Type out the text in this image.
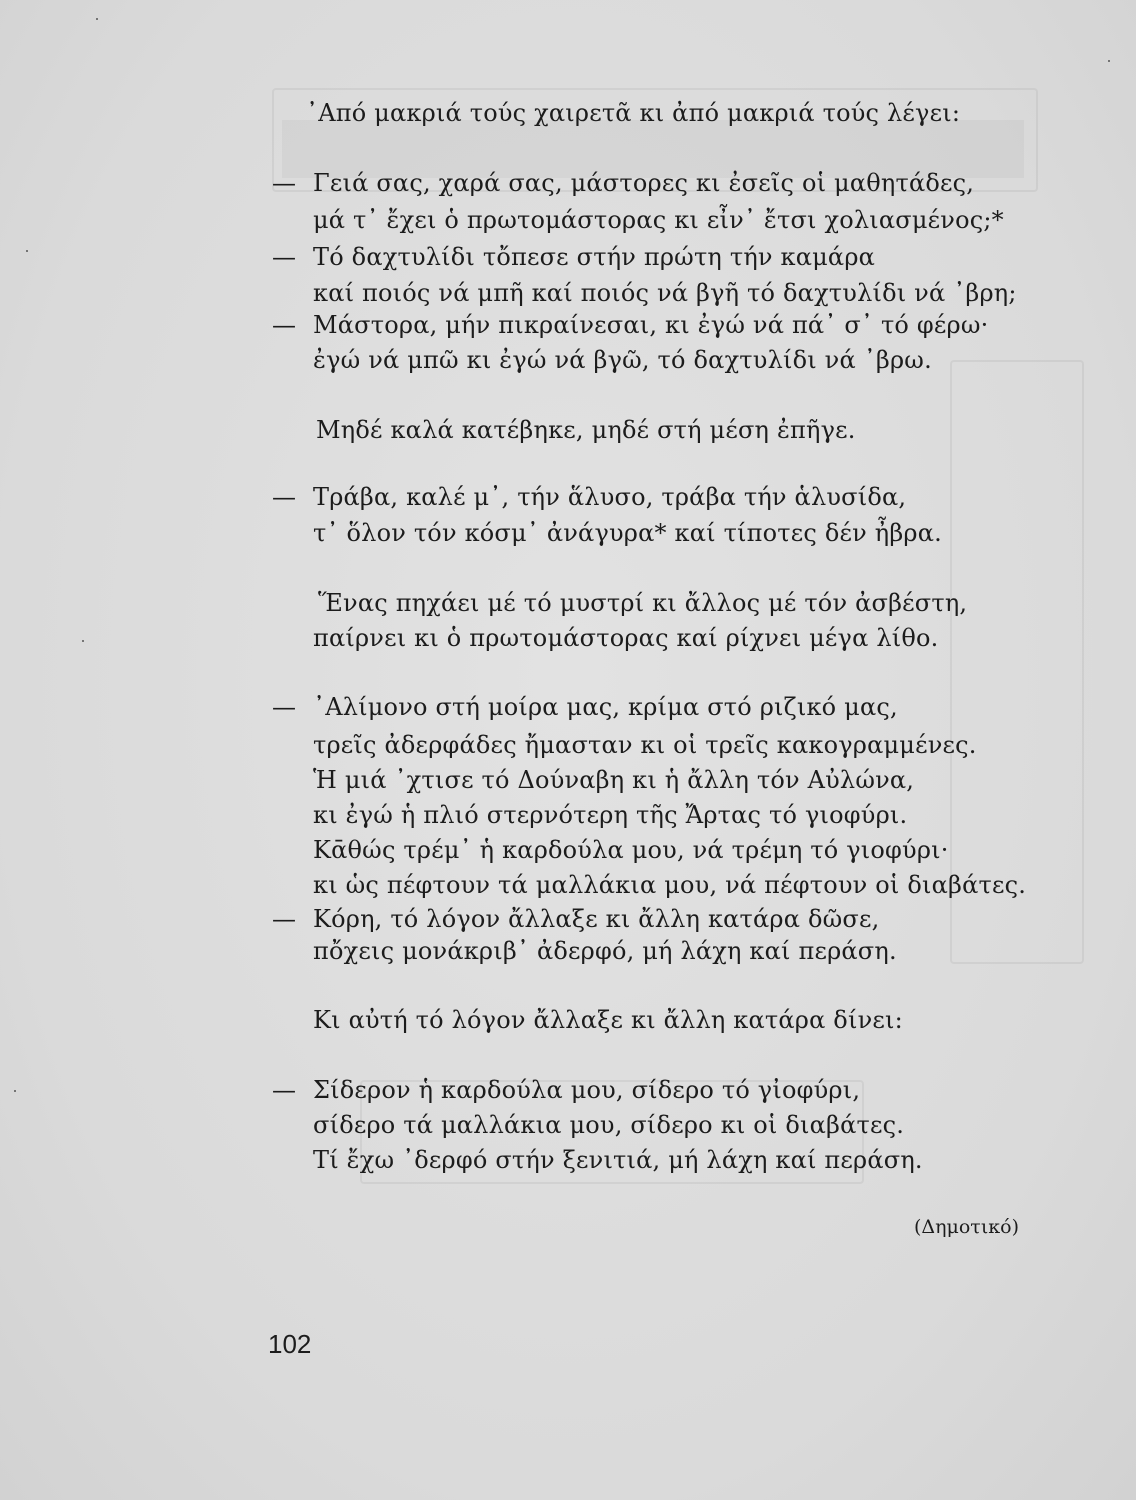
᾿Από μακριά τούς χαιρετᾶ κι ἀπό μακριά τούς λέγει:
— Γειά σας, χαρά σας, μάστορες κι ἐσεῖς οἱ μαθητάδες,
μά τ᾿ ἔχει ὁ πρωτομάστορας κι εἶν᾿ ἔτσι χολιασμένος;*
— Τό δαχτυλίδι τὄπεσε στήν πρώτη τήν καμάρα
καί ποιός νά μπῆ καί ποιός νά βγῆ τό δαχτυλίδι νά ᾿βρη;
— Μάστορα, μήν πικραίνεσαι, κι ἐγώ νά πά᾿ σ᾿ τό φέρω·
ἐγώ νά μπῶ κι ἐγώ νά βγῶ, τό δαχτυλίδι νά ᾿βρω.
Μηδέ καλά κατέβηκε, μηδέ στή μέση ἐπῆγε.
— Τράβα, καλέ μ᾿, τήν ἅλυσο, τράβα τήν ἁλυσίδα,
τ᾿ ὅλον τόν κόσμ᾿ ἀνάγυρα* καί τίποτες δέν ἦβρα.
Ἕνας πηχάει μέ τό μυστρί κι ἄλλος μέ τόν ἀσβέστη,
παίρνει κι ὁ πρωτομάστορας καί ρίχνει μέγα λίθο.
— ᾿Αλίμονο στή μοίρα μας, κρίμα στό ριζικό μας,
τρεῖς ἀδερφάδες ἤμασταν κι οἱ τρεῖς κακογραμμένες.
Ἡ μιά ᾿χτισε τό Δούναβη κι ἡ ἄλλη τόν Αὐλώνα,
κι ἐγώ ἡ πλιό στερνότερη τῆς Ἄρτας τό γιοφύρι.
Κᾱθώς τρέμ᾿ ἡ καρδούλα μου, νά τρέμη τό γιοφύρι·
κι ὡς πέφτουν τά μαλλάκια μου, νά πέφτουν οἱ διαβάτες.
— Κόρη, τό λόγον ἄλλαξε κι ἄλλη κατάρα δῶσε,
πὄχεις μονάκριβ᾿ ἀδερφό, μή λάχη καί περάση.
Κι αὐτή τό λόγον ἄλλαξε κι ἄλλη κατάρα δίνει:
— Σίδερον ἡ καρδούλα μου, σίδερο τό γἰοφύρι,
σίδερο τά μαλλάκια μου, σίδερο κι οἱ διαβάτες.
Τί ἔχω ᾿δερφό στήν ξενιτιά, μή λάχη καί περάση.
(Δημοτικό)
102
